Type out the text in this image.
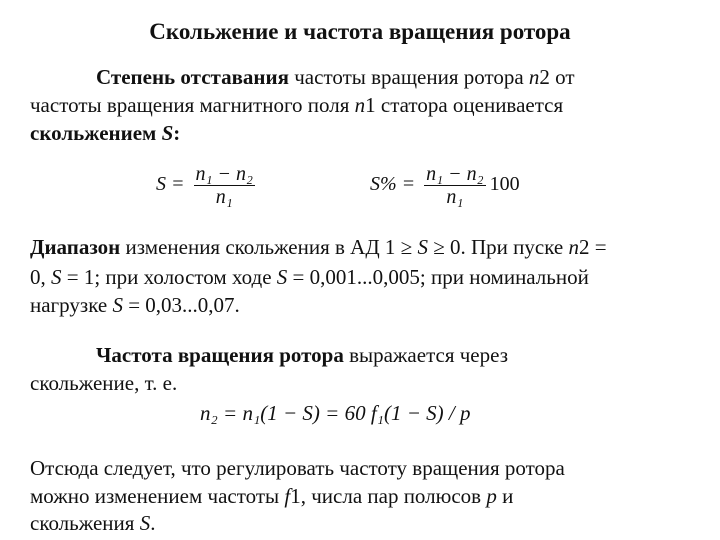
Скольжение и частота вращения ротора
Степень отставания частоты вращения ротора n2 от
частоты вращения магнитного поля n1 статора оценивается
скольжением S:
$S = \frac{\text{n₁ − n₂}}{\text{n₁}}$	$S\% = \frac{\text{n₁ − n₂}}{\text{n₁}} 100$
Диапазон изменения скольжения в АД 1 ≥ S ≥ 0. При пуске n2 =
0, S = 1; при холостом ходе S = 0,001...0,005; при номинальной
нагрузке S = 0,03...0,07.
Частота вращения ротора выражается через
скольжение, т. е.
n₂ = n₁(1 − S) = 60 f₁(1 − S) / p
Отсюда следует, что регулировать частоту вращения ротора
можно изменением частоты f1, числа пар полюсов p и
скольжения S.
